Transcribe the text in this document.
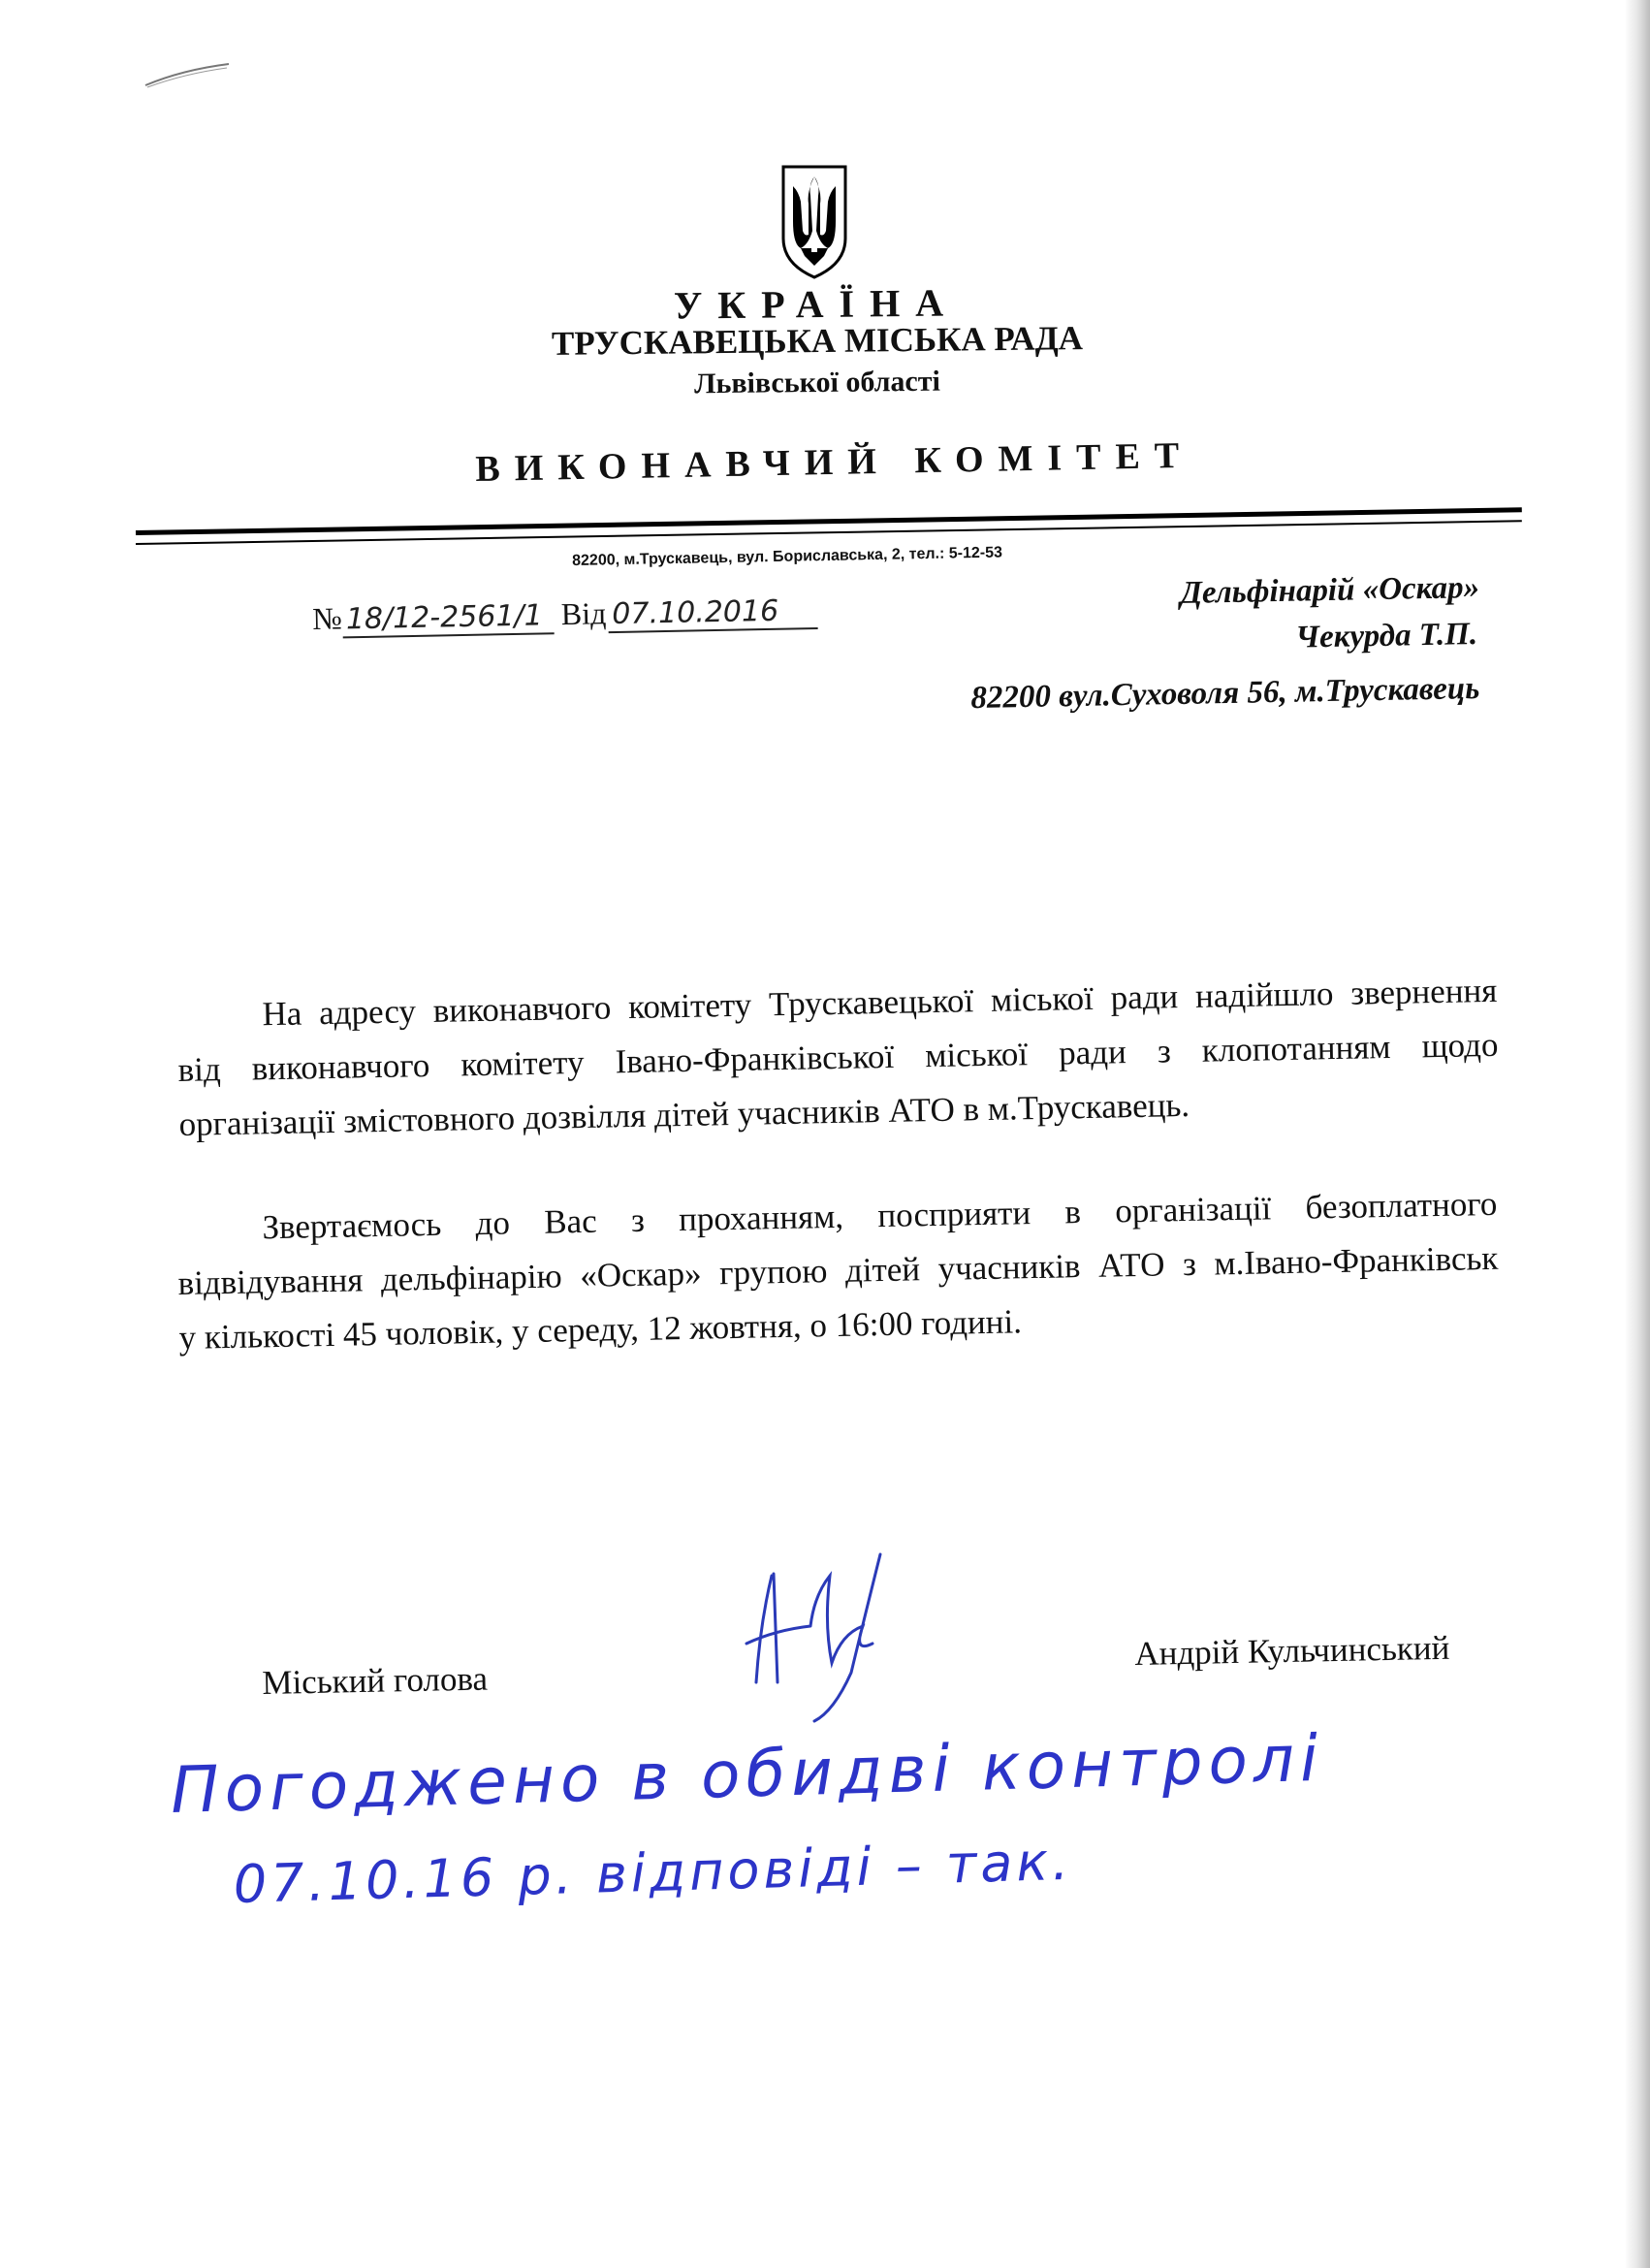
УКРАЇНА
ТРУСКАВЕЦЬКА МІСЬКА РАДА
Львівської області
ВИКОНАВЧИЙ КОМІТЕТ
82200, м.Трускавець, вул. Бориславська, 2, тел.: 5-12-53
№ 18/12-2561/1 Від 07.10.2016
Дельфінарій «Оскар»
Чекурда Т.П.
82200 вул.Суховоля 56, м.Трускавець
На адресу виконавчого комітету Трускавецької міської ради надійшло звернення
від виконавчого комітету Івано-Франківської міської ради з клопотанням щодо
організації змістовного дозвілля дітей учасників АТО в м.Трускавець.
Звертаємось до Вас з проханням, посприяти в організації безоплатного
відвідування дельфінарію «Оскар» групою дітей учасників АТО з м.Івано-Франківськ
у кількості 45 чоловік, у середу, 12 жовтня, о 16:00 годині.
Міський голова
Андрій Кульчинський
Погоджено в обидві контролі
07.10.16 р. відповіді – так.
